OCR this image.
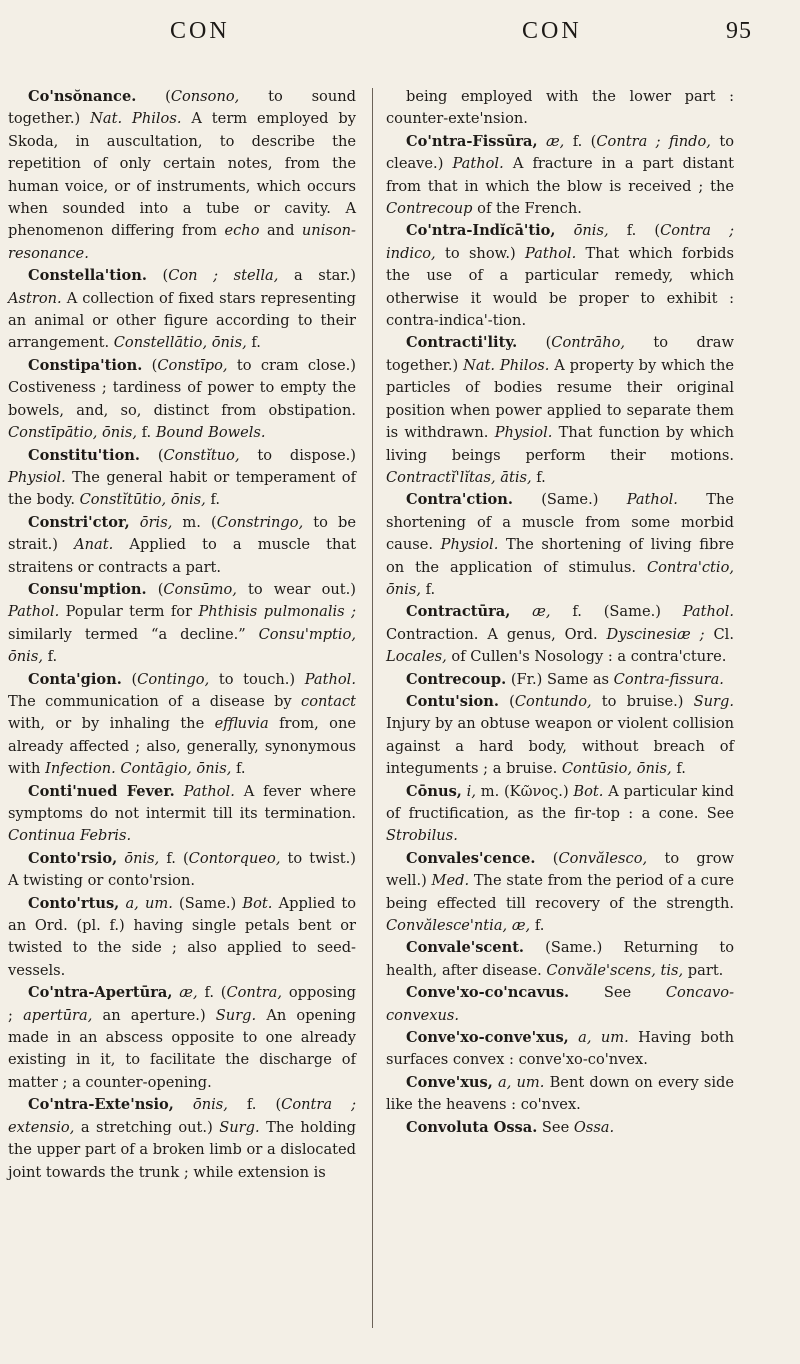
CON	CON	95

Co'nsŏnance. (Consono, to sound together.) Nat. Philos. A term employed by Skoda, in auscultation, to describe the repetition of only certain notes, from the human voice, or of instruments, which occurs when sounded into a tube or cavity. A phenomenon differing from echo and unison-resonance.

Constella'tion. (Con ; stella, a star.) Astron. A collection of fixed stars representing an animal or other figure according to their arrangement. Constellātio, ōnis, f.

Constipa'tion. (Constīpo, to cram close.) Costiveness ; tardiness of power to empty the bowels, and, so, distinct from obstipation. Constīpātio, ōnis, f. Bound Bowels.

Constitu'tion. (Constĭtuo, to dispose.) Physiol. The general habit or temperament of the body. Constĭtūtio, ōnis, f.

Constri'ctor, ōris, m. (Constringo, to be strait.) Anat. Applied to a muscle that straitens or contracts a part.

Consu'mption. (Consūmo, to wear out.) Pathol. Popular term for Phthisis pulmonalis ; similarly termed “a decline.” Consu'mptio, ōnis, f.

Conta'gion. (Contingo, to touch.) Pathol. The communication of a disease by contact with, or by inhaling the effluvia from, one already affected ; also, generally, synonymous with Infection. Contāgio, ōnis, f.

Conti'nued Fever. Pathol. A fever where symptoms do not intermit till its termination. Continua Febris.

Conto'rsio, ōnis, f. (Contorqueo, to twist.) A twisting or conto'rsion.

Conto'rtus, a, um. (Same.) Bot. Applied to an Ord. (pl. f.) having single petals bent or twisted to the side ; also applied to seed-vessels.

Co'ntra-Apertūra, æ, f. (Contra, opposing ; apertūra, an aperture.) Surg. An opening made in an abscess opposite to one already existing in it, to facilitate the discharge of matter ; a counter-opening.

Co'ntra-Exte'nsio, ōnis, f. (Contra ; extensio, a stretching out.) Surg. The holding the upper part of a broken limb or a dislocated joint towards the trunk ; while extension is

being employed with the lower part : counter-exte'nsion.

Co'ntra-Fissūra, æ, f. (Contra ; findo, to cleave.) Pathol. A fracture in a part distant from that in which the blow is received ; the Contrecoup of the French.

Co'ntra-Indĭcā'tio, ōnis, f. (Contra ; indico, to show.) Pathol. That which forbids the use of a particular remedy, which otherwise it would be proper to exhibit : contra-indica'-tion.

Contracti'lity. (Contrāho, to draw together.) Nat. Philos. A property by which the particles of bodies resume their original position when power applied to separate them is withdrawn. Physiol. That function by which living beings perform their motions. Contractĭ'lĭtas, ātis, f.

Contra'ction. (Same.) Pathol. The shortening of a muscle from some morbid cause. Physiol. The shortening of living fibre on the application of stimulus. Contra'ctio, ōnis, f.

Contractūra, æ, f. (Same.) Pathol. Contraction. A genus, Ord. Dyscinesiæ ; Cl. Locales, of Cullen's Nosology : a contra'cture.

Contrecoup. (Fr.) Same as Contra-fissura.

Contu'sion. (Contundo, to bruise.) Surg. Injury by an obtuse weapon or violent collision against a hard body, without breach of integuments ; a bruise. Contūsio, ōnis, f.

Cōnus, i, m. (Κῶνος.) Bot. A particular kind of fructification, as the fir-top : a cone. See Strobilus.

Convales'cence. (Convălesco, to grow well.) Med. The state from the period of a cure being effected till recovery of the strength. Convălesce'ntia, æ, f.

Convale'scent. (Same.) Returning to health, after disease. Convăle'scens, tis, part.

Conve'xo-co'ncavus. See Concavo-convexus.

Conve'xo-conve'xus, a, um. Having both surfaces convex : conve'xo-co'nvex.

Conve'xus, a, um. Bent down on every side like the heavens : co'nvex.

Convoluta Ossa. See Ossa.
